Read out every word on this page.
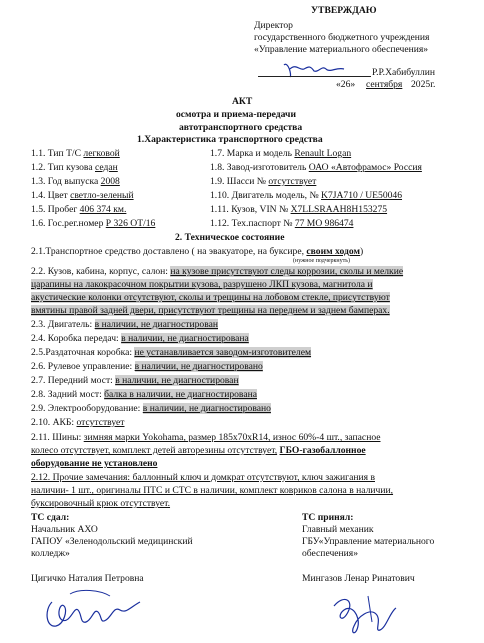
УТВЕРЖДАЮ
Директор
государственного бюджетного учреждения
«Управление материального обеспечения»
Р.Р.Хабибуллин
«26» сентября 2025г.
АКТ
осмотра и приема-передачи
автотранспортного средства
1.Характеристика транспортного средства
1.1. Тип Т/С легковой	1.7. Марка и модель Renault Logan
1.2. Тип кузова седан	1.8. Завод-изготовитель ОАО «Автофрамос» Россия
1.3. Год выпуска 2008	1.9. Шасси № отсутствует
1.4. Цвет светло-зеленый	1.10. Двигатель модель, № K7JA710 / UE50046
1.5. Пробег 406 374 км.	1.11. Кузов, VIN № X7LLSRAAH8H153275
1.6. Гос.рег.номер Р 326 ОТ/16	1.12. Тех.паспорт № 77 МО 986474
2. Техническое состояние
2.1.Транспортное средство доставлено ( на эвакуаторе, на буксире, своим ходом)
(нужное подчеркнуть)
2.2. Кузов, кабина, корпус, салон: на кузове присутствуют следы коррозии, сколы и мелкие
царапины на лакокрасочном покрытии кузова, разрушено ЛКП кузова, магнитола и
акустические колонки отсутствуют, сколы и трещины на лобовом стекле, присутствуют
вмятины правой задней двери, присутствуют трещины на переднем и заднем бамперах.
2.3. Двигатель: в наличии, не диагностирован
2.4. Коробка передач: в наличии, не диагностирована
2.5.Раздаточная коробка: не устанавливается заводом-изготовителем
2.6. Рулевое управление: в наличии, не диагностировано
2.7. Передний мост: в наличии, не диагностирован
2.8. Задний мост: балка в наличии, не диагностирована
2.9. Электрооборудование: в наличии, не диагностировано
2.10. АКБ: отсутствует
2.11. Шины: зимняя марки Yokohama, размер 185х70хR14, износ 60%-4 шт., запасное
колесо отсутствует, комплект детей авторезины отсутствует, ГБО-газобаллонное
оборудование не установлено
2.12. Прочие замечания: баллонный ключ и домкрат отсутствуют, ключ зажигания в
наличии- 1 шт., оригиналы ПТС и СТС в наличии, комплект ковриков салона в наличии,
буксировочный крюк отсутствует.
ТС сдал:
Начальник АХО
ГАПОУ «Зеленодольский медицинский
колледж»
Цигичко Наталия Петровна
ТС принял:
Главный механик
ГБУ«Управление материального
обеспечения»
Мингазов Ленар Ринатович
